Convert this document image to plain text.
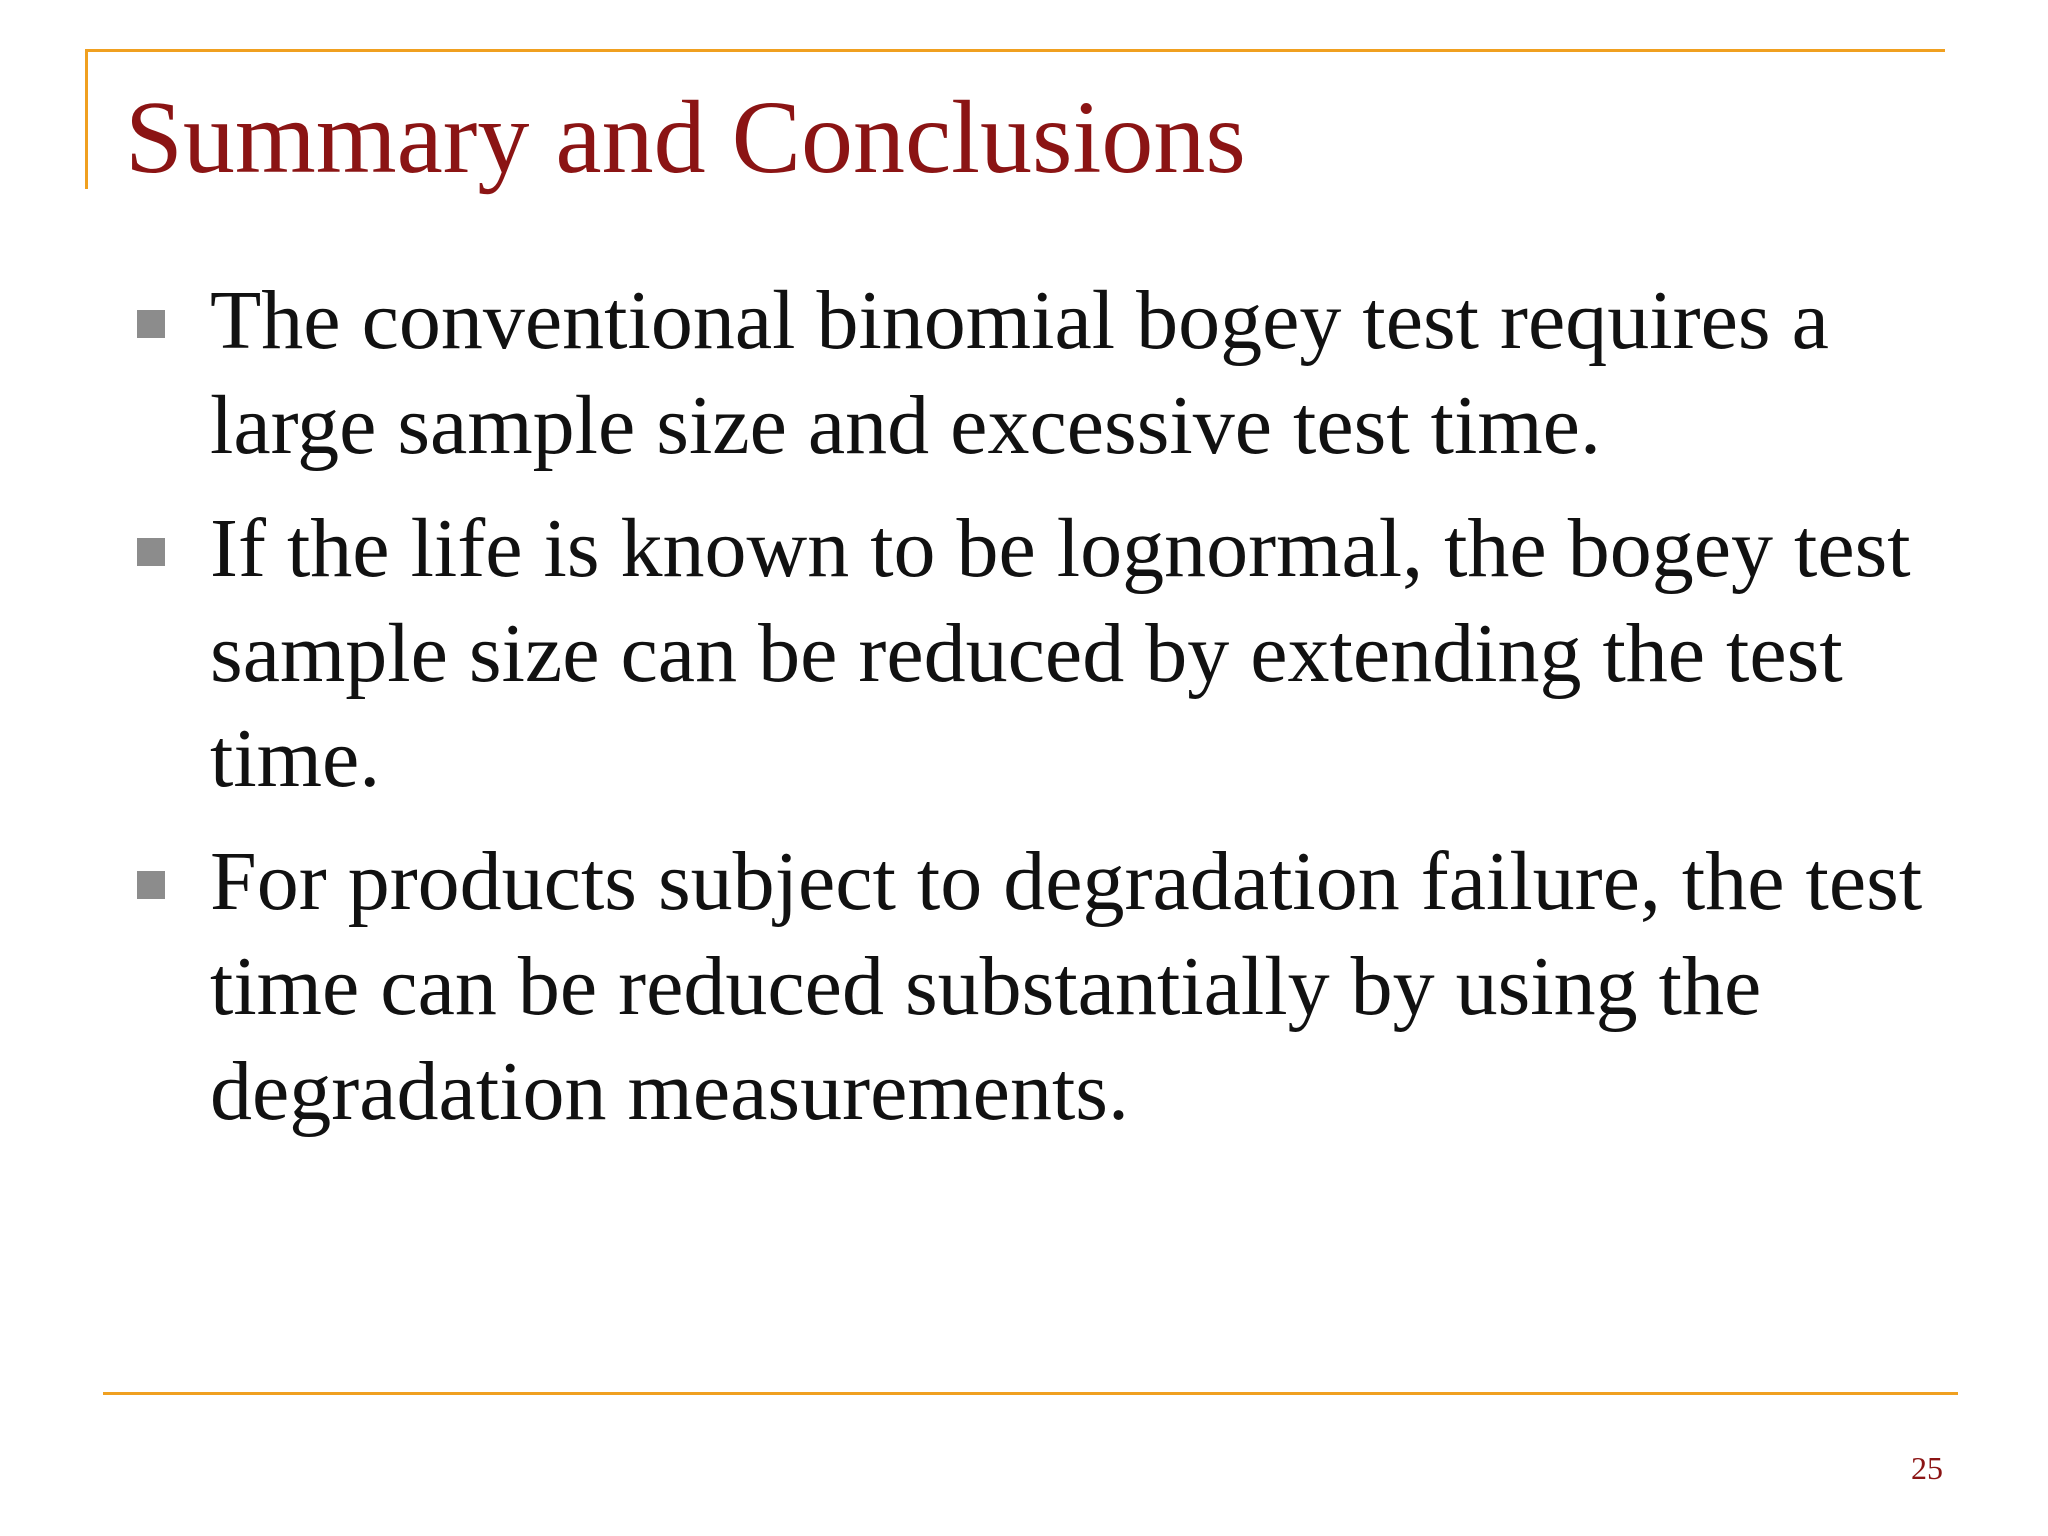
Summary and Conclusions
The conventional binomial bogey test requires a large sample size and excessive test time.
If the life is known to be lognormal, the bogey test sample size can be reduced by extending the test time.
For products subject to degradation failure, the test time can be reduced substantially by using the degradation measurements.
25
